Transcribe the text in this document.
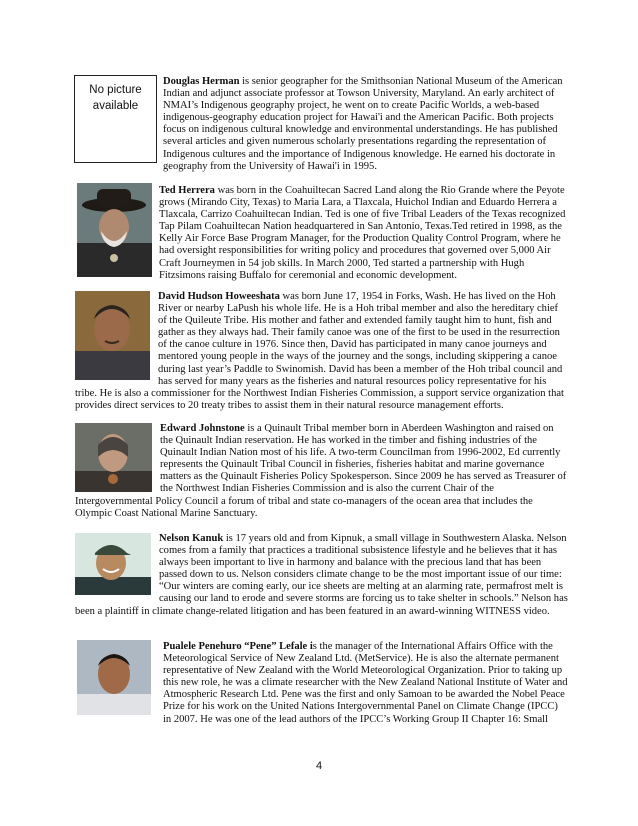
No picture available

Douglas Herman is senior geographer for the Smithsonian National Museum of the American Indian and adjunct associate professor at Towson University, Maryland. An early architect of NMAI’s Indigenous geography project, he went on to create Pacific Worlds, a web-based indigenous-geography education project for Hawai'i and the American Pacific. Both projects focus on indigenous cultural knowledge and environmental understandings. He has published several articles and given numerous scholarly presentations regarding the representation of Indigenous cultures and the importance of Indigenous knowledge. He earned his doctorate in geography from the University of Hawai'i in 1995.

Ted Herrera was born in the Coahuiltecan Sacred Land along the Rio Grande where the Peyote grows (Mirando City, Texas) to Maria Lara, a Tlaxcala, Huichol Indian and Eduardo Herrera a Tlaxcala, Carrizo Coahuiltecan Indian. Ted is one of five Tribal Leaders of the Texas recognized Tap Pilam Coahuiltecan Nation headquartered in San Antonio, Texas.Ted retired in 1998, as the Kelly Air Force Base Program Manager, for the Production Quality Control Program, where he had oversight responsibilities for writing policy and procedures that governed over 5,000 Air Craft Journeymen in 54 job skills. In March 2000, Ted started a partnership with Hugh Fitzsimons raising Buffalo for ceremonial and economic development.

David Hudson Howeeshata was born June 17, 1954 in Forks, Wash. He has lived on the Hoh River or nearby LaPush his whole life. He is a Hoh tribal member and also the hereditary chief of the Quileute Tribe. His mother and father and extended family taught him to hunt, fish and gather as they always had. Their family canoe was one of the first to be used in the resurrection of the canoe culture in 1976. Since then, David has participated in many canoe journeys and mentored young people in the ways of the journey and the songs, including skippering a canoe during last year’s Paddle to Swinomish. David has been a member of the Hoh tribal council and has served for many years as the fisheries and natural resources policy representative for his tribe. He is also a commissioner for the Northwest Indian Fisheries Commission, a support service organization that provides direct services to 20 treaty tribes to assist them in their natural resource management efforts.

Edward Johnstone is a Quinault Tribal member born in Aberdeen Washington and raised on the Quinault Indian reservation. He has worked in the timber and fishing industries of the Quinault Indian Nation most of his life. A two-term Councilman from 1996-2002, Ed currently represents the Quinault Tribal Council in fisheries, fisheries habitat and marine governance matters as the Quinault Fisheries Policy Spokesperson. Since 2009 he has served as Treasurer of the Northwest Indian Fisheries Commission and is also the current Chair of the Intergovernmental Policy Council a forum of tribal and state co-managers of the ocean area that includes the Olympic Coast National Marine Sanctuary.

Nelson Kanuk is 17 years old and from Kipnuk, a small village in Southwestern Alaska. Nelson comes from a family that practices a traditional subsistence lifestyle and he believes that it has always been important to live in harmony and balance with the precious land that has been passed down to us. Nelson considers climate change to be the most important issue of our time: “Our winters are coming early, our ice sheets are melting at an alarming rate, permafrost melt is causing our land to erode and severe storms are forcing us to take shelter in schools.” Nelson has been a plaintiff in climate change-related litigation and has been featured in an award-winning WITNESS video.

Pualele Penehuro “Pene” Lefale is the manager of the International Affairs Office with the Meteorological Service of New Zealand Ltd. (MetService). He is also the alternate permanent representative of New Zealand with the World Meteorological Organization. Prior to taking up this new role, he was a climate researcher with the New Zealand National Institute of Water and Atmospheric Research Ltd. Pene was the first and only Samoan to be awarded the Nobel Peace Prize for his work on the United Nations Intergovernmental Panel on Climate Change (IPCC) in 2007. He was one of the lead authors of the IPCC’s Working Group II Chapter 16: Small

4
